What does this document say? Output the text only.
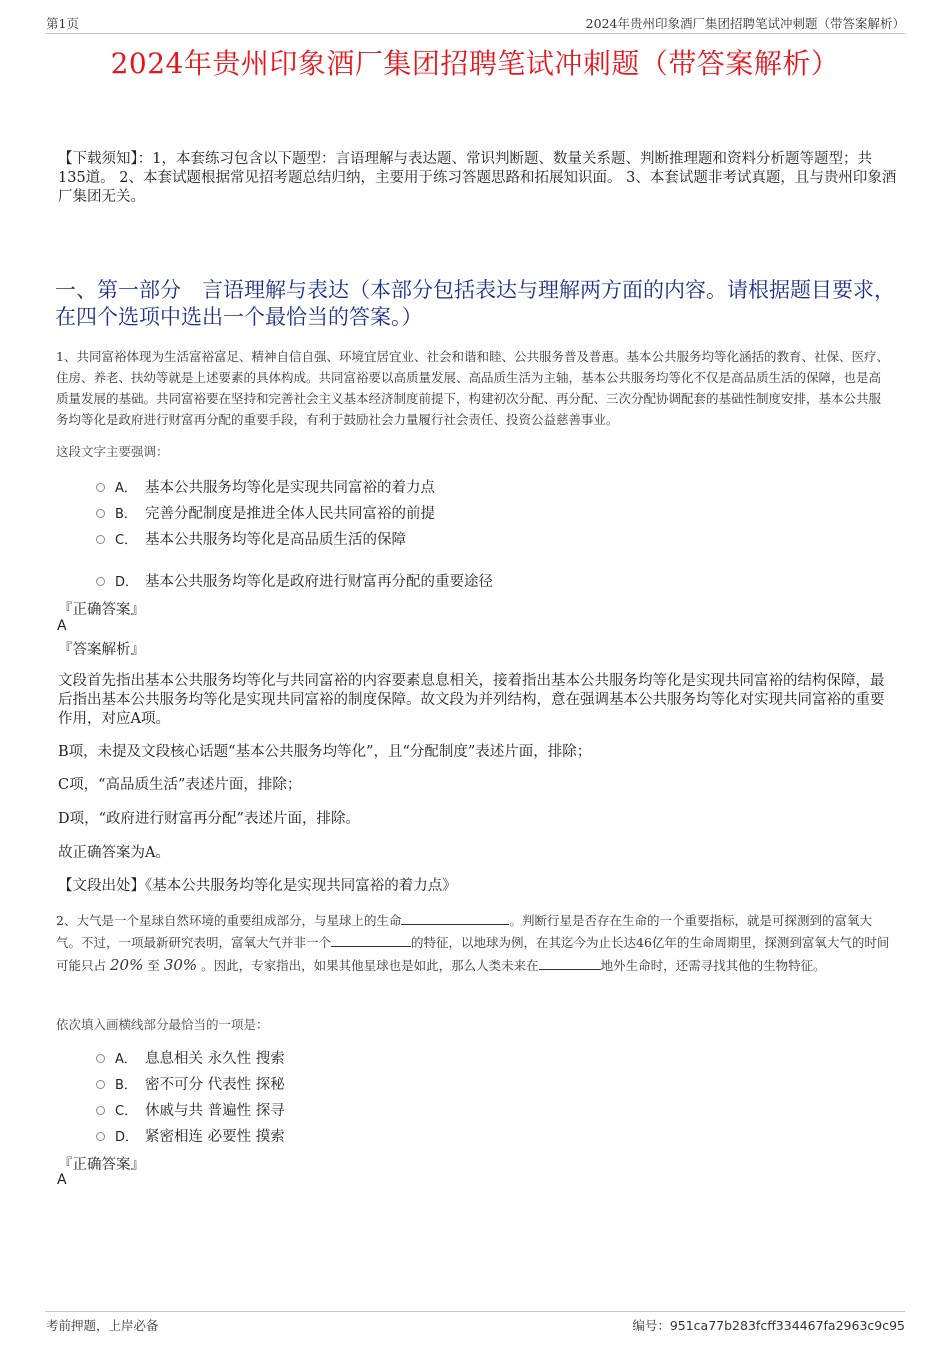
第1页	2024年贵州印象酒厂集团招聘笔试冲刺题（带答案解析）
2024年贵州印象酒厂集团招聘笔试冲刺题（带答案解析）
【下载须知】：1，本套练习包含以下题型：言语理解与表达题、常识判断题、数量关系题、判断推理题和资料分析题等题型；共135道。 2、本套试题根据常见招考题总结归纳，主要用于练习答题思路和拓展知识面。 3、本套试题非考试真题，且与贵州印象酒厂集团无关。
一、第一部分　言语理解与表达（本部分包括表达与理解两方面的内容。请根据题目要求，在四个选项中选出一个最恰当的答案。）
1、共同富裕体现为生活富裕富足、精神自信自强、环境宜居宜业、社会和谐和睦、公共服务普及普惠。基本公共服务均等化涵括的教育、社保、医疗、住房、养老、扶幼等就是上述要素的具体构成。共同富裕要以高质量发展、高品质生活为主轴，基本公共服务均等化不仅是高品质生活的保障，也是高质量发展的基础。共同富裕要在坚持和完善社会主义基本经济制度前提下，构建初次分配、再分配、三次分配协调配套的基础性制度安排，基本公共服务均等化是政府进行财富再分配的重要手段，有利于鼓励社会力量履行社会责任、投资公益慈善事业。
这段文字主要强调：
A． 基本公共服务均等化是实现共同富裕的着力点
B． 完善分配制度是推进全体人民共同富裕的前提
C． 基本公共服务均等化是高品质生活的保障
D． 基本公共服务均等化是政府进行财富再分配的重要途径
『正确答案』
A
『答案解析』
文段首先指出基本公共服务均等化与共同富裕的内容要素息息相关，接着指出基本公共服务均等化是实现共同富裕的结构保障，最后指出基本公共服务均等化是实现共同富裕的制度保障。故文段为并列结构，意在强调基本公共服务均等化对实现共同富裕的重要作用，对应A项。
B项，未提及文段核心话题“基本公共服务均等化”，且“分配制度”表述片面，排除；
C项，“高品质生活”表述片面，排除；
D项，“政府进行财富再分配”表述片面，排除。
故正确答案为A。
【文段出处】《基本公共服务均等化是实现共同富裕的着力点》
2、大气是一个星球自然环境的重要组成部分，与星球上的生命	。判断行星是否存在生命的一个重要指标，就是可探测到的富氧大气。不过，一项最新研究表明，富氧大气并非一个	的特征，以地球为例，在其迄今为止长达46亿年的生命周期里，探测到富氧大气的时间可能只占 20% 至 30% 。因此，专家指出，如果其他星球也是如此，那么人类未来在	地外生命时，还需寻找其他的生物特征。
依次填入画横线部分最恰当的一项是：
A． 息息相关 永久性 搜索
B． 密不可分 代表性 探秘
C． 休戚与共 普遍性 探寻
D． 紧密相连 必要性 摸索
『正确答案』
A
考前押题，上岸必备	编号：951ca77b283fcff334467fa2963c9c95
